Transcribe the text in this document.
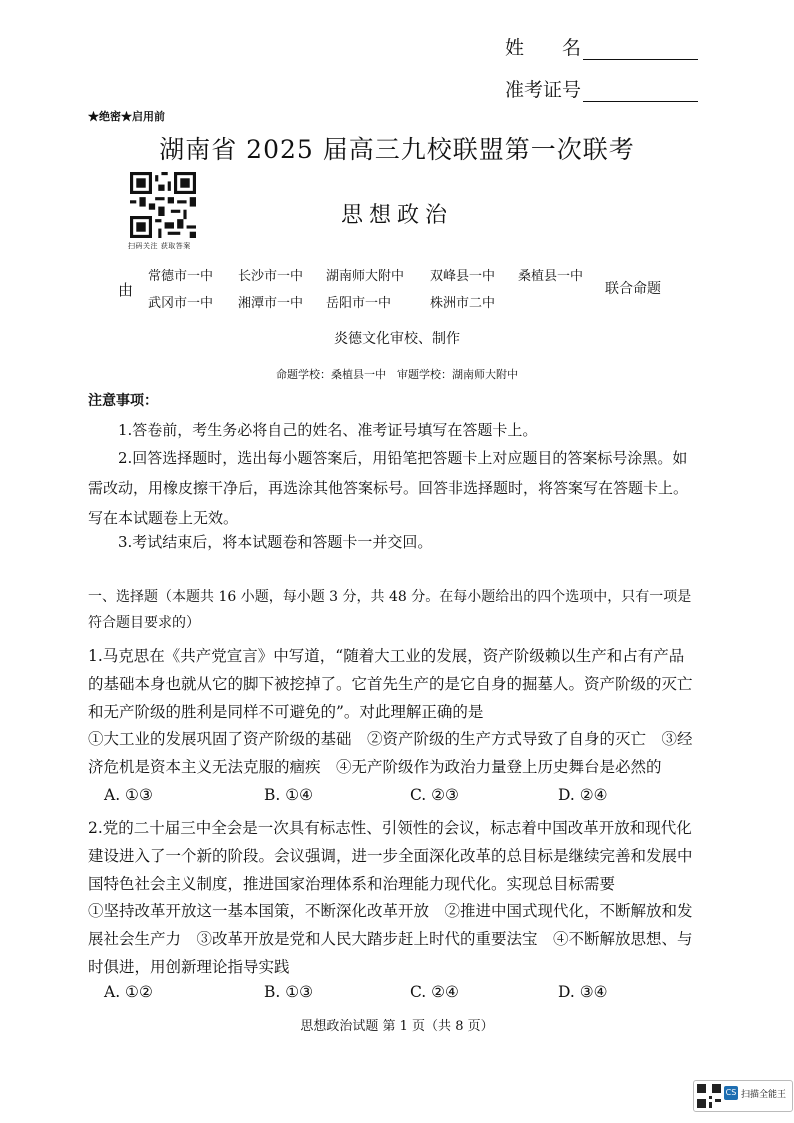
姓　　名
准考证号
★绝密★启用前
湖南省 2025 届高三九校联盟第一次联考
扫码关注 获取答案
思想政治
由
常德市一中 长沙市一中 湖南师大附中 双峰县一中 桑植县一中
武冈市一中 湘潭市一中 岳阳市一中	株洲市二中
联合命题
炎德文化审校、制作
命题学校：桑植县一中　审题学校：湖南师大附中
注意事项：
1.答卷前，考生务必将自己的姓名、准考证号填写在答题卡上。
2.回答选择题时，选出每小题答案后，用铅笔把答题卡上对应题目的答案标号涂黑。如需改动，用橡皮擦干净后，再选涂其他答案标号。回答非选择题时，将答案写在答题卡上。写在本试题卷上无效。
3.考试结束后，将本试题卷和答题卡一并交回。
一、选择题（本题共 16 小题，每小题 3 分，共 48 分。在每小题给出的四个选项中，只有一项是符合题目要求的）
1.马克思在《共产党宣言》中写道，“随着大工业的发展，资产阶级赖以生产和占有产品的基础本身也就从它的脚下被挖掉了。它首先生产的是它自身的掘墓人。资产阶级的灭亡和无产阶级的胜利是同样不可避免的”。对此理解正确的是
①大工业的发展巩固了资产阶级的基础　②资产阶级的生产方式导致了自身的灭亡　③经济危机是资本主义无法克服的痼疾　④无产阶级作为政治力量登上历史舞台是必然的
A. ①③	B. ①④	C. ②③	D. ②④
2.党的二十届三中全会是一次具有标志性、引领性的会议，标志着中国改革开放和现代化建设进入了一个新的阶段。会议强调，进一步全面深化改革的总目标是继续完善和发展中国特色社会主义制度，推进国家治理体系和治理能力现代化。实现总目标需要
①坚持改革开放这一基本国策，不断深化改革开放　②推进中国式现代化，不断解放和发展社会生产力　③改革开放是党和人民大踏步赶上时代的重要法宝　④不断解放思想、与时俱进，用创新理论指导实践
A. ①②	B. ①③	C. ②④	D. ③④
思想政治试题 第 1 页（共 8 页）
CS 扫描全能王
